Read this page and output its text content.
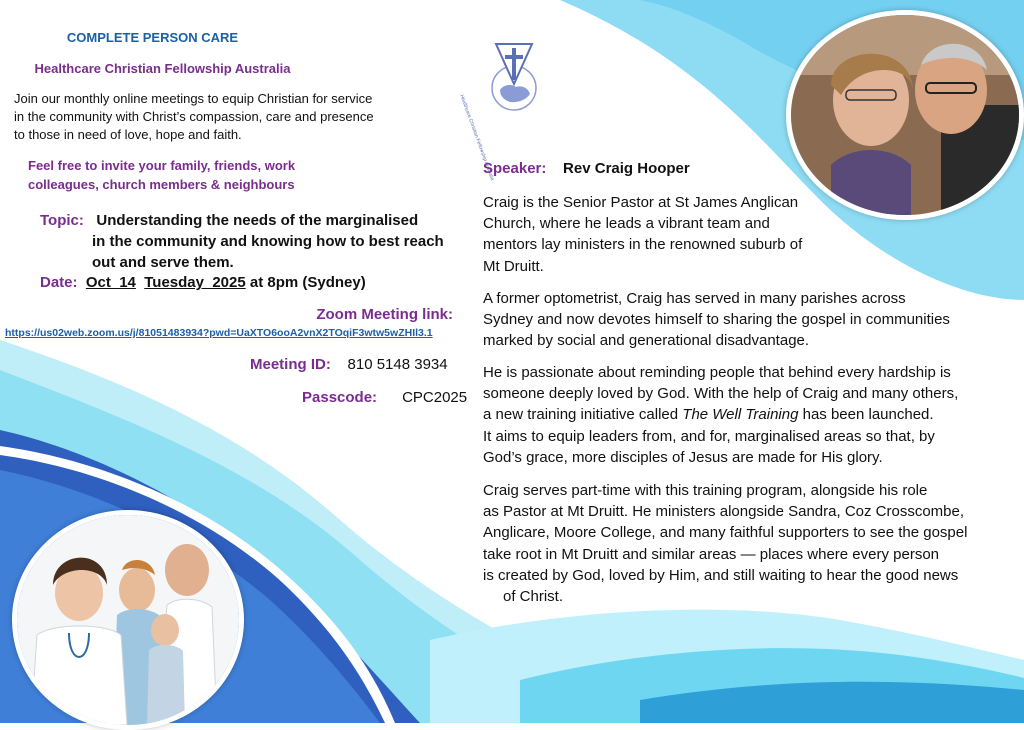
COMPLETE PERSON CARE
Healthcare Christian Fellowship Australia
Join our monthly online meetings to equip Christian for service
in the community with Christ’s compassion, care and presence
to those in need of love, hope and faith.
Feel free to invite your family, friends, work
colleagues, church members & neighbours
Topic: Understanding the needs of the marginalised
in the community and knowing how to best reach
out and serve them.
Date: Oct  14 Tuesday  2025 at 8pm (Sydney)
Zoom Meeting link:
https://us02web.zoom.us/j/81051483934?pwd=UaXTO6ooA2vnX2TOqiF3wtw5wZHIl3.1
Meeting ID: 810 5148 3934
Passcode: CPC2025
Healthcare Christian Fellowship Australia
Speaker: Rev Craig Hooper
Craig is the Senior Pastor at St James Anglican
Church, where he leads a vibrant team and
mentors lay ministers in the renowned suburb of
Mt Druitt.
A former optometrist, Craig has served in many parishes across
Sydney and now devotes himself to sharing the gospel in communities
marked by social and generational disadvantage.
He is passionate about reminding people that behind every hardship is
someone deeply loved by God. With the help of Craig and many others,
a new training initiative called The Well Training has been launched.
It aims to equip leaders from, and for, marginalised areas so that, by
God’s grace, more disciples of Jesus are made for His glory.
Craig serves part-time with this training program, alongside his role
as Pastor at Mt Druitt. He ministers alongside Sandra, Coz Crosscombe,
Anglicare, Moore College, and many faithful supporters to see the gospel
take root in Mt Druitt and similar areas — places where every person
is created by God, loved by Him, and still waiting to hear the good news
of Christ.
